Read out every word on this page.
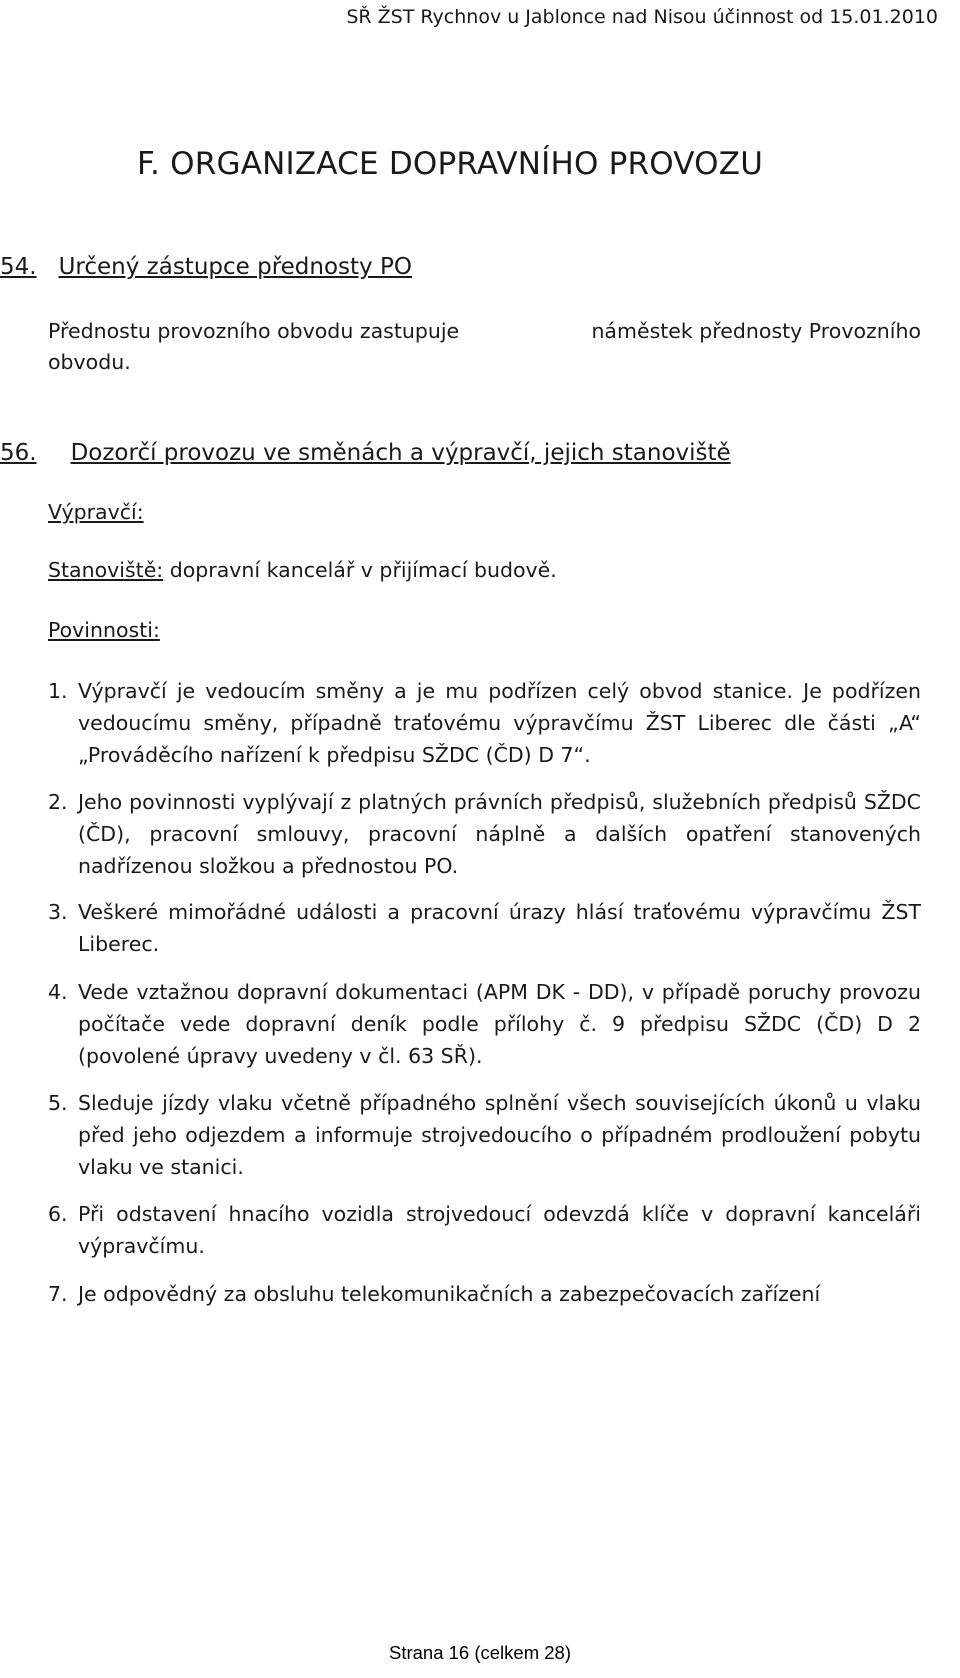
SŘ ŽST Rychnov u Jablonce nad Nisou účinnost od 15.01.2010
F. ORGANIZACE DOPRAVNÍHO PROVOZU
54. Určený zástupce přednosty PO
Přednostu provozního obvodu zastupuje	náměstek přednosty Provozního
obvodu.
56. Dozorčí provozu ve směnách a výpravčí, jejich stanoviště
Výpravčí:
Stanoviště: dopravní kancelář v přijímací budově.
Povinnosti:
1. Výpravčí je vedoucím směny a je mu podřízen celý obvod stanice. Je podřízen vedoucímu směny, případně traťovému výpravčímu ŽST Liberec dle části „A“ „Prováděcího nařízení k předpisu SŽDC (ČD) D 7“.
2. Jeho povinnosti vyplývají z platných právních předpisů, služebních předpisů SŽDC (ČD), pracovní smlouvy, pracovní náplně a dalších opatření stanovených nadřízenou složkou a přednostou PO.
3. Veškeré mimořádné události a pracovní úrazy hlásí traťovému výpravčímu ŽST Liberec.
4. Vede vztažnou dopravní dokumentaci (APM DK - DD), v případě poruchy provozu počítače vede dopravní deník podle přílohy č. 9 předpisu SŽDC (ČD) D 2 (povolené úpravy uvedeny v čl. 63 SŘ).
5. Sleduje jízdy vlaku včetně případného splnění všech souvisejících úkonů u vlaku před jeho odjezdem a informuje strojvedoucího o případném prodloužení pobytu vlaku ve stanici.
6. Při odstavení hnacího vozidla strojvedoucí odevzdá klíče v dopravní kanceláři výpravčímu.
7. Je odpovědný za obsluhu telekomunikačních a zabezpečovacích zařízení
Strana 16 (celkem 28)
